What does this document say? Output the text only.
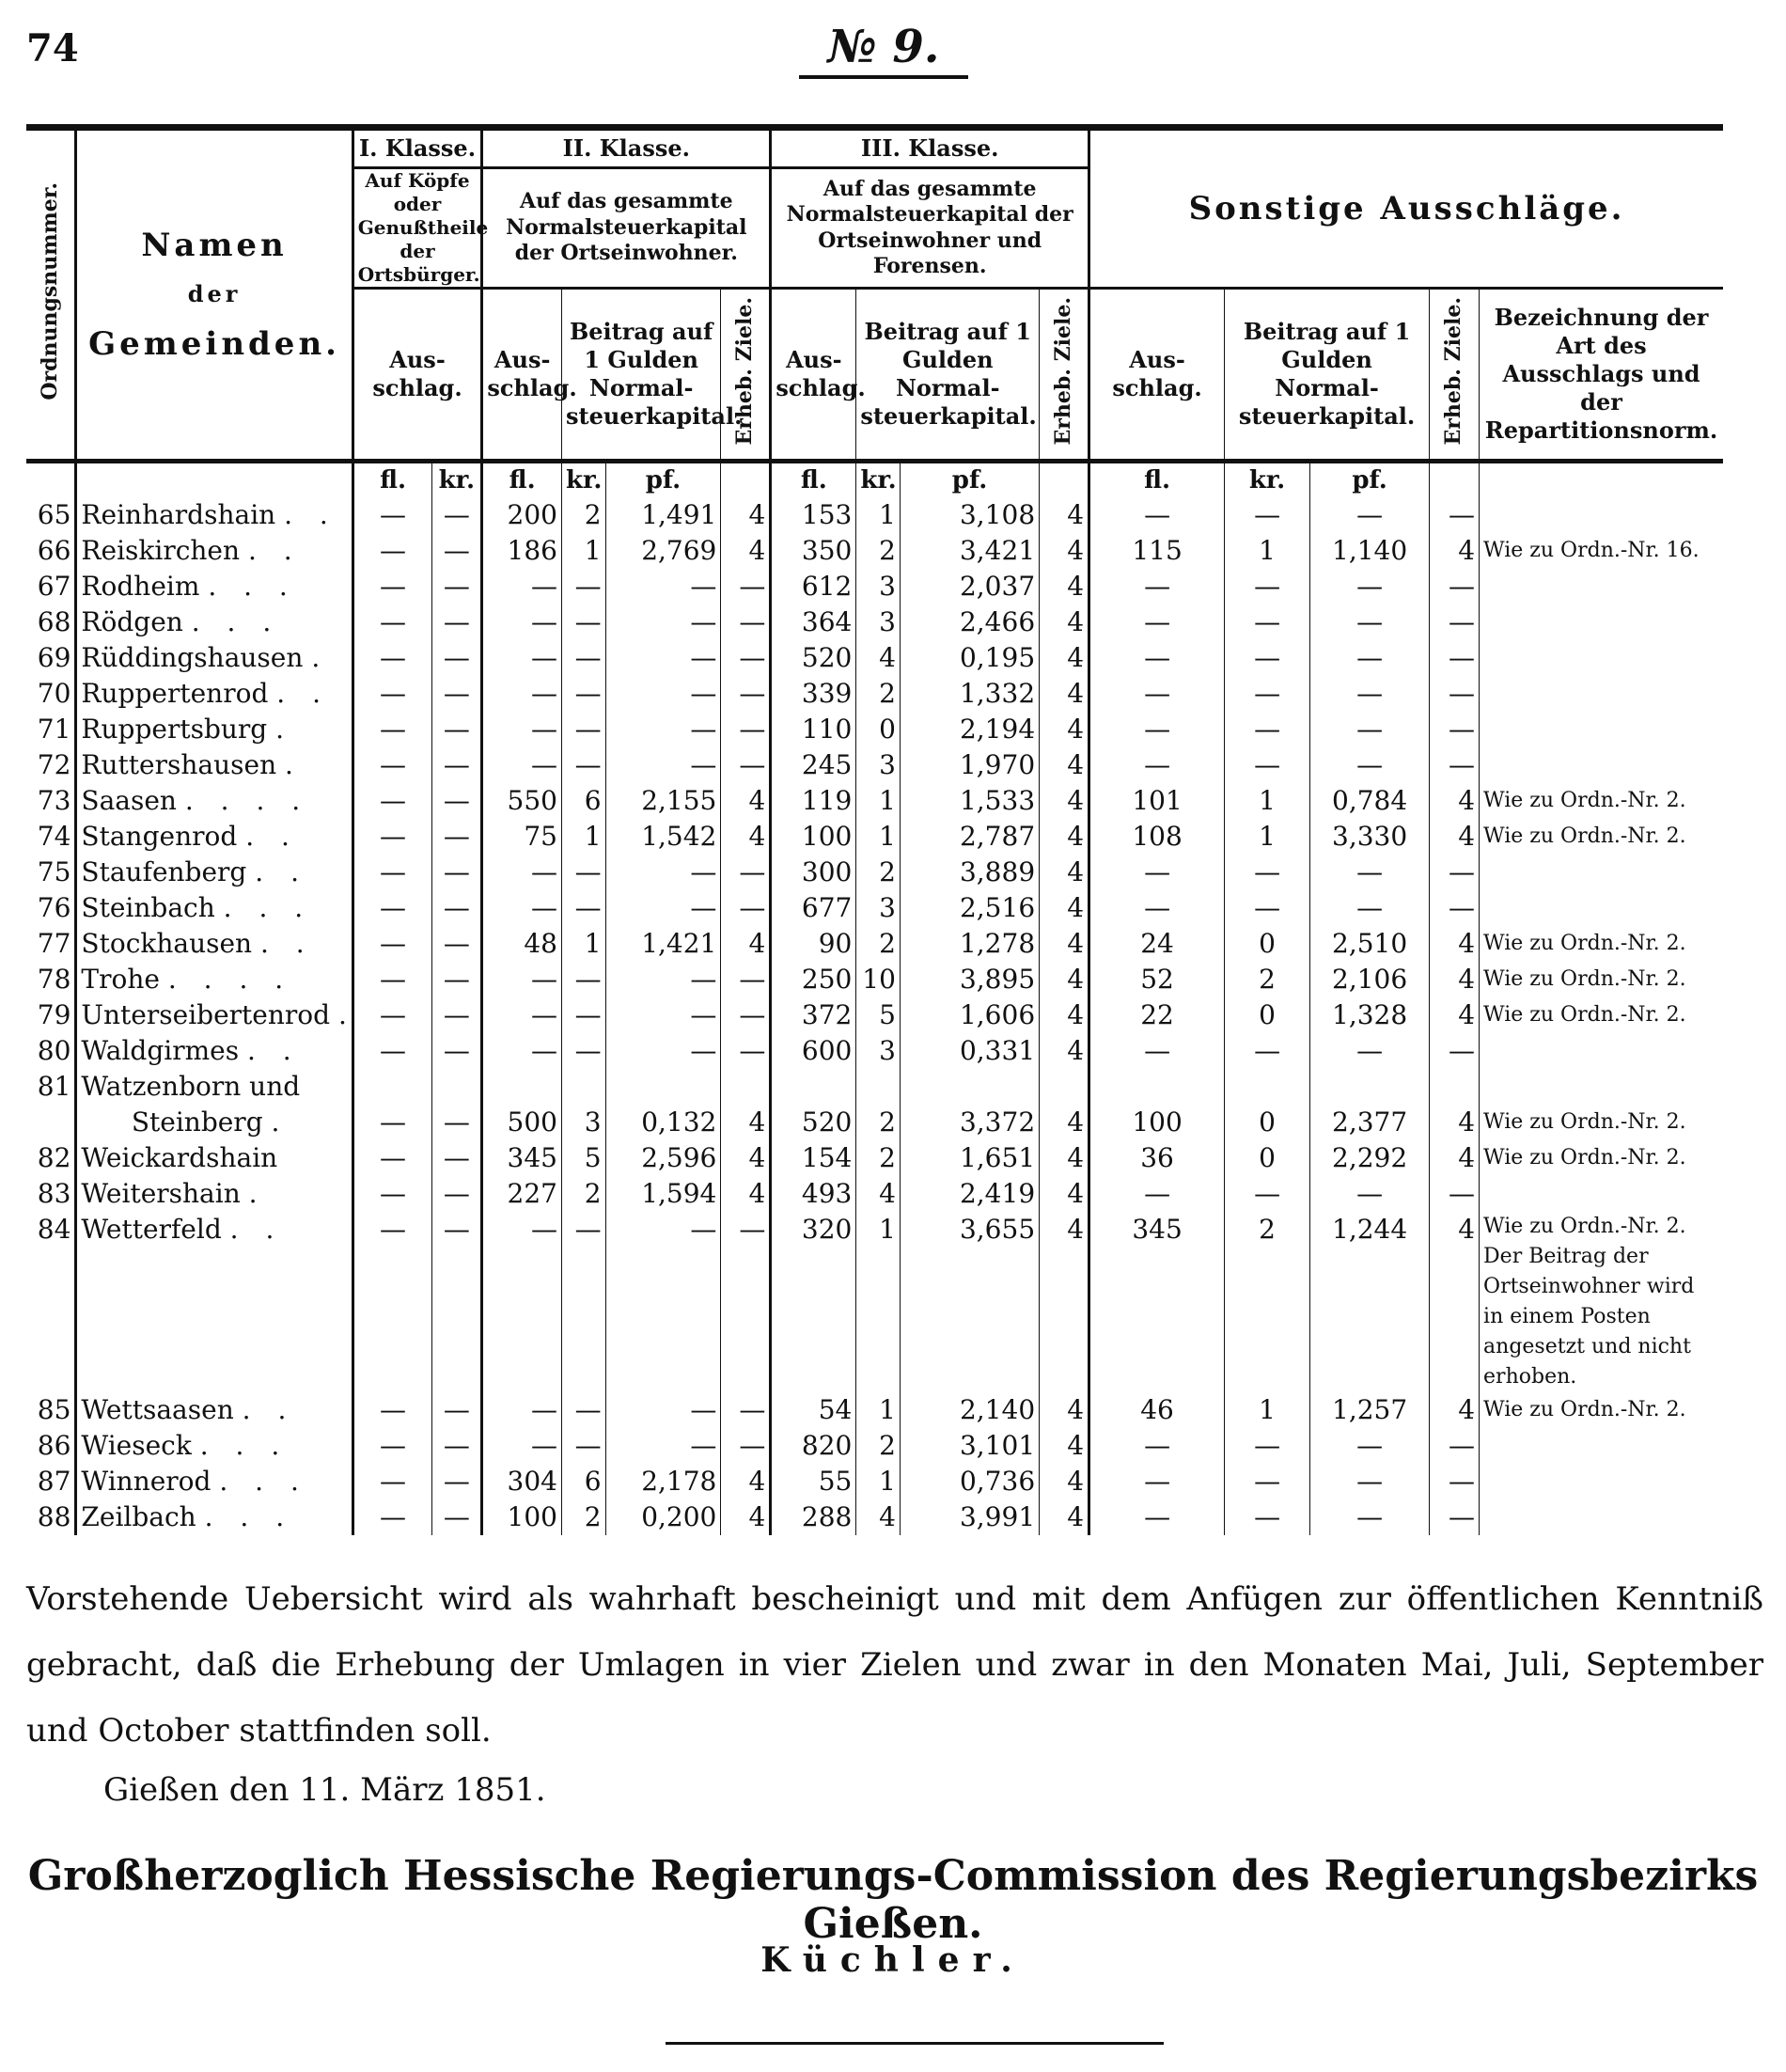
74	№ 9.
Ordnungsnummer.	Namen
der
Gemeinden.	I. Klasse.		II. Klasse.				III. Klasse.				Sonstige Ausschläge.				
		Auf Köpfe oder Genußtheile der Ortsbürger.		Auf das gesammte Normalsteuerkapital der Ortseinwohner.				Auf das gesammte Normalsteuerkapital der Ortseinwohner und Forensen.								
		Aus-schlag.		Aus-schlag.	Beitrag auf 1 Gulden Normal-steuerkapital.		Erheb. Ziele.	Aus-schlag.	Beitrag auf 1 Gulden Normal-steuerkapital.		Erheb. Ziele.	Aus-schlag.	Beitrag auf 1 Gulden Normal-steuerkapital.		Erheb. Ziele.	Bezeichnung der Art des Ausschlags und der Repartitionsnorm.
		fl.	kr.	fl.	kr.	pf.		fl.	kr.	pf.		fl.	kr.	pf.		
65	Reinhardshain . .	—	—	200	2	1,491	4	153	1	3,108	4	—	—	—	—	
66	Reiskirchen . .	—	—	186	1	2,769	4	350	2	3,421	4	115	1	1,140	4	Wie zu Ordn.-Nr. 16.
67	Rodheim . . .	—	—	—	—	—	—	612	3	2,037	4	—	—	—	—	
68	Rödgen . . .	—	—	—	—	—	—	364	3	2,466	4	—	—	—	—	
69	Rüddingshausen .	—	—	—	—	—	—	520	4	0,195	4	—	—	—	—	
70	Ruppertenrod . .	—	—	—	—	—	—	339	2	1,332	4	—	—	—	—	
71	Ruppertsburg .	—	—	—	—	—	—	110	0	2,194	4	—	—	—	—	
72	Ruttershausen .	—	—	—	—	—	—	245	3	1,970	4	—	—	—	—	
73	Saasen . . . .	—	—	550	6	2,155	4	119	1	1,533	4	101	1	0,784	4	Wie zu Ordn.-Nr. 2.
74	Stangenrod . .	—	—	75	1	1,542	4	100	1	2,787	4	108	1	3,330	4	Wie zu Ordn.-Nr. 2.
75	Staufenberg . .	—	—	—	—	—	—	300	2	3,889	4	—	—	—	—	
76	Steinbach . . .	—	—	—	—	—	—	677	3	2,516	4	—	—	—	—	
77	Stockhausen . .	—	—	48	1	1,421	4	90	2	1,278	4	24	0	2,510	4	Wie zu Ordn.-Nr. 2.
78	Trohe . . . .	—	—	—	—	—	—	250	10	3,895	4	52	2	2,106	4	Wie zu Ordn.-Nr. 2.
79	Unterseibertenrod .	—	—	—	—	—	—	372	5	1,606	4	22	0	1,328	4	Wie zu Ordn.-Nr. 2.
80	Waldgirmes . .	—	—	—	—	—	—	600	3	0,331	4	—	—	—	—	
81	Watzenborn und															
	Steinberg .	—	—	500	3	0,132	4	520	2	3,372	4	100	0	2,377	4	Wie zu Ordn.-Nr. 2.
82	Weickardshain	—	—	345	5	2,596	4	154	2	1,651	4	36	0	2,292	4	Wie zu Ordn.-Nr. 2.
83	Weitershain .	—	—	227	2	1,594	4	493	4	2,419	4	—	—	—	—	
84	Wetterfeld . .	—	—	—	—	—	—	320	1	3,655	4	345	2	1,244	4	Wie zu Ordn.-Nr. 2. Der Beitrag der Ortseinwohner wird in einem Posten angesetzt und nicht erhoben.
85	Wettsaasen . .	—	—	—	—	—	—	54	1	2,140	4	46	1	1,257	4	Wie zu Ordn.-Nr. 2.
86	Wieseck . . .	—	—	—	—	—	—	820	2	3,101	4	—	—	—	—	
87	Winnerod . . .	—	—	304	6	2,178	4	55	1	0,736	4	—	—	—	—	
88	Zeilbach . . .	—	—	100	2	0,200	4	288	4	3,991	4	—	—	—	—	
Vorstehende Uebersicht wird als wahrhaft bescheinigt und mit dem Anfügen zur öffentlichen Kenntniß gebracht, daß die Erhebung der Umlagen in vier Zielen und zwar in den Monaten Mai, Juli, September und October stattfinden soll.
Gießen den 11. März 1851.
Großherzoglich Hessische Regierungs-Commission des Regierungsbezirks Gießen.
Küchler.
